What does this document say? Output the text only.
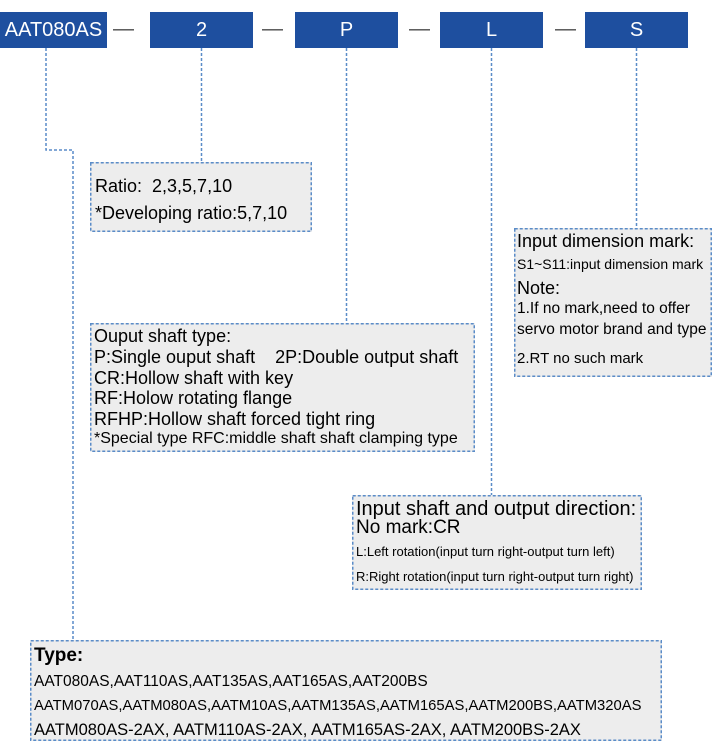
AAT080AS —	2	—	P	—	L	—	S
Ratio:  2,3,5,7,10
*Developing ratio:5,7,10
Ouput shaft type:
P:Single ouput shaft    2P:Double output shaft
CR:Hollow shaft with key
RF:Holow rotating flange
RFHP:Hollow shaft forced tight ring
*Special type RFC:middle shaft shaft clamping type
Input dimension mark:
S1~S11:input dimension mark
Note:
1.If no mark,need to offer
servo motor brand and type
2.RT no such mark
Input shaft and output direction:
No mark:CR
L:Left rotation(input turn right-output turn left)
R:Right rotation(input turn right-output turn right)
Type:
AAT080AS,AAT110AS,AAT135AS,AAT165AS,AAT200BS
AATM070AS,AATM080AS,AATM10AS,AATM135AS,AATM165AS,AATM200BS,AATM320AS
AATM080AS-2AX, AATM110AS-2AX, AATM165AS-2AX, AATM200BS-2AX
